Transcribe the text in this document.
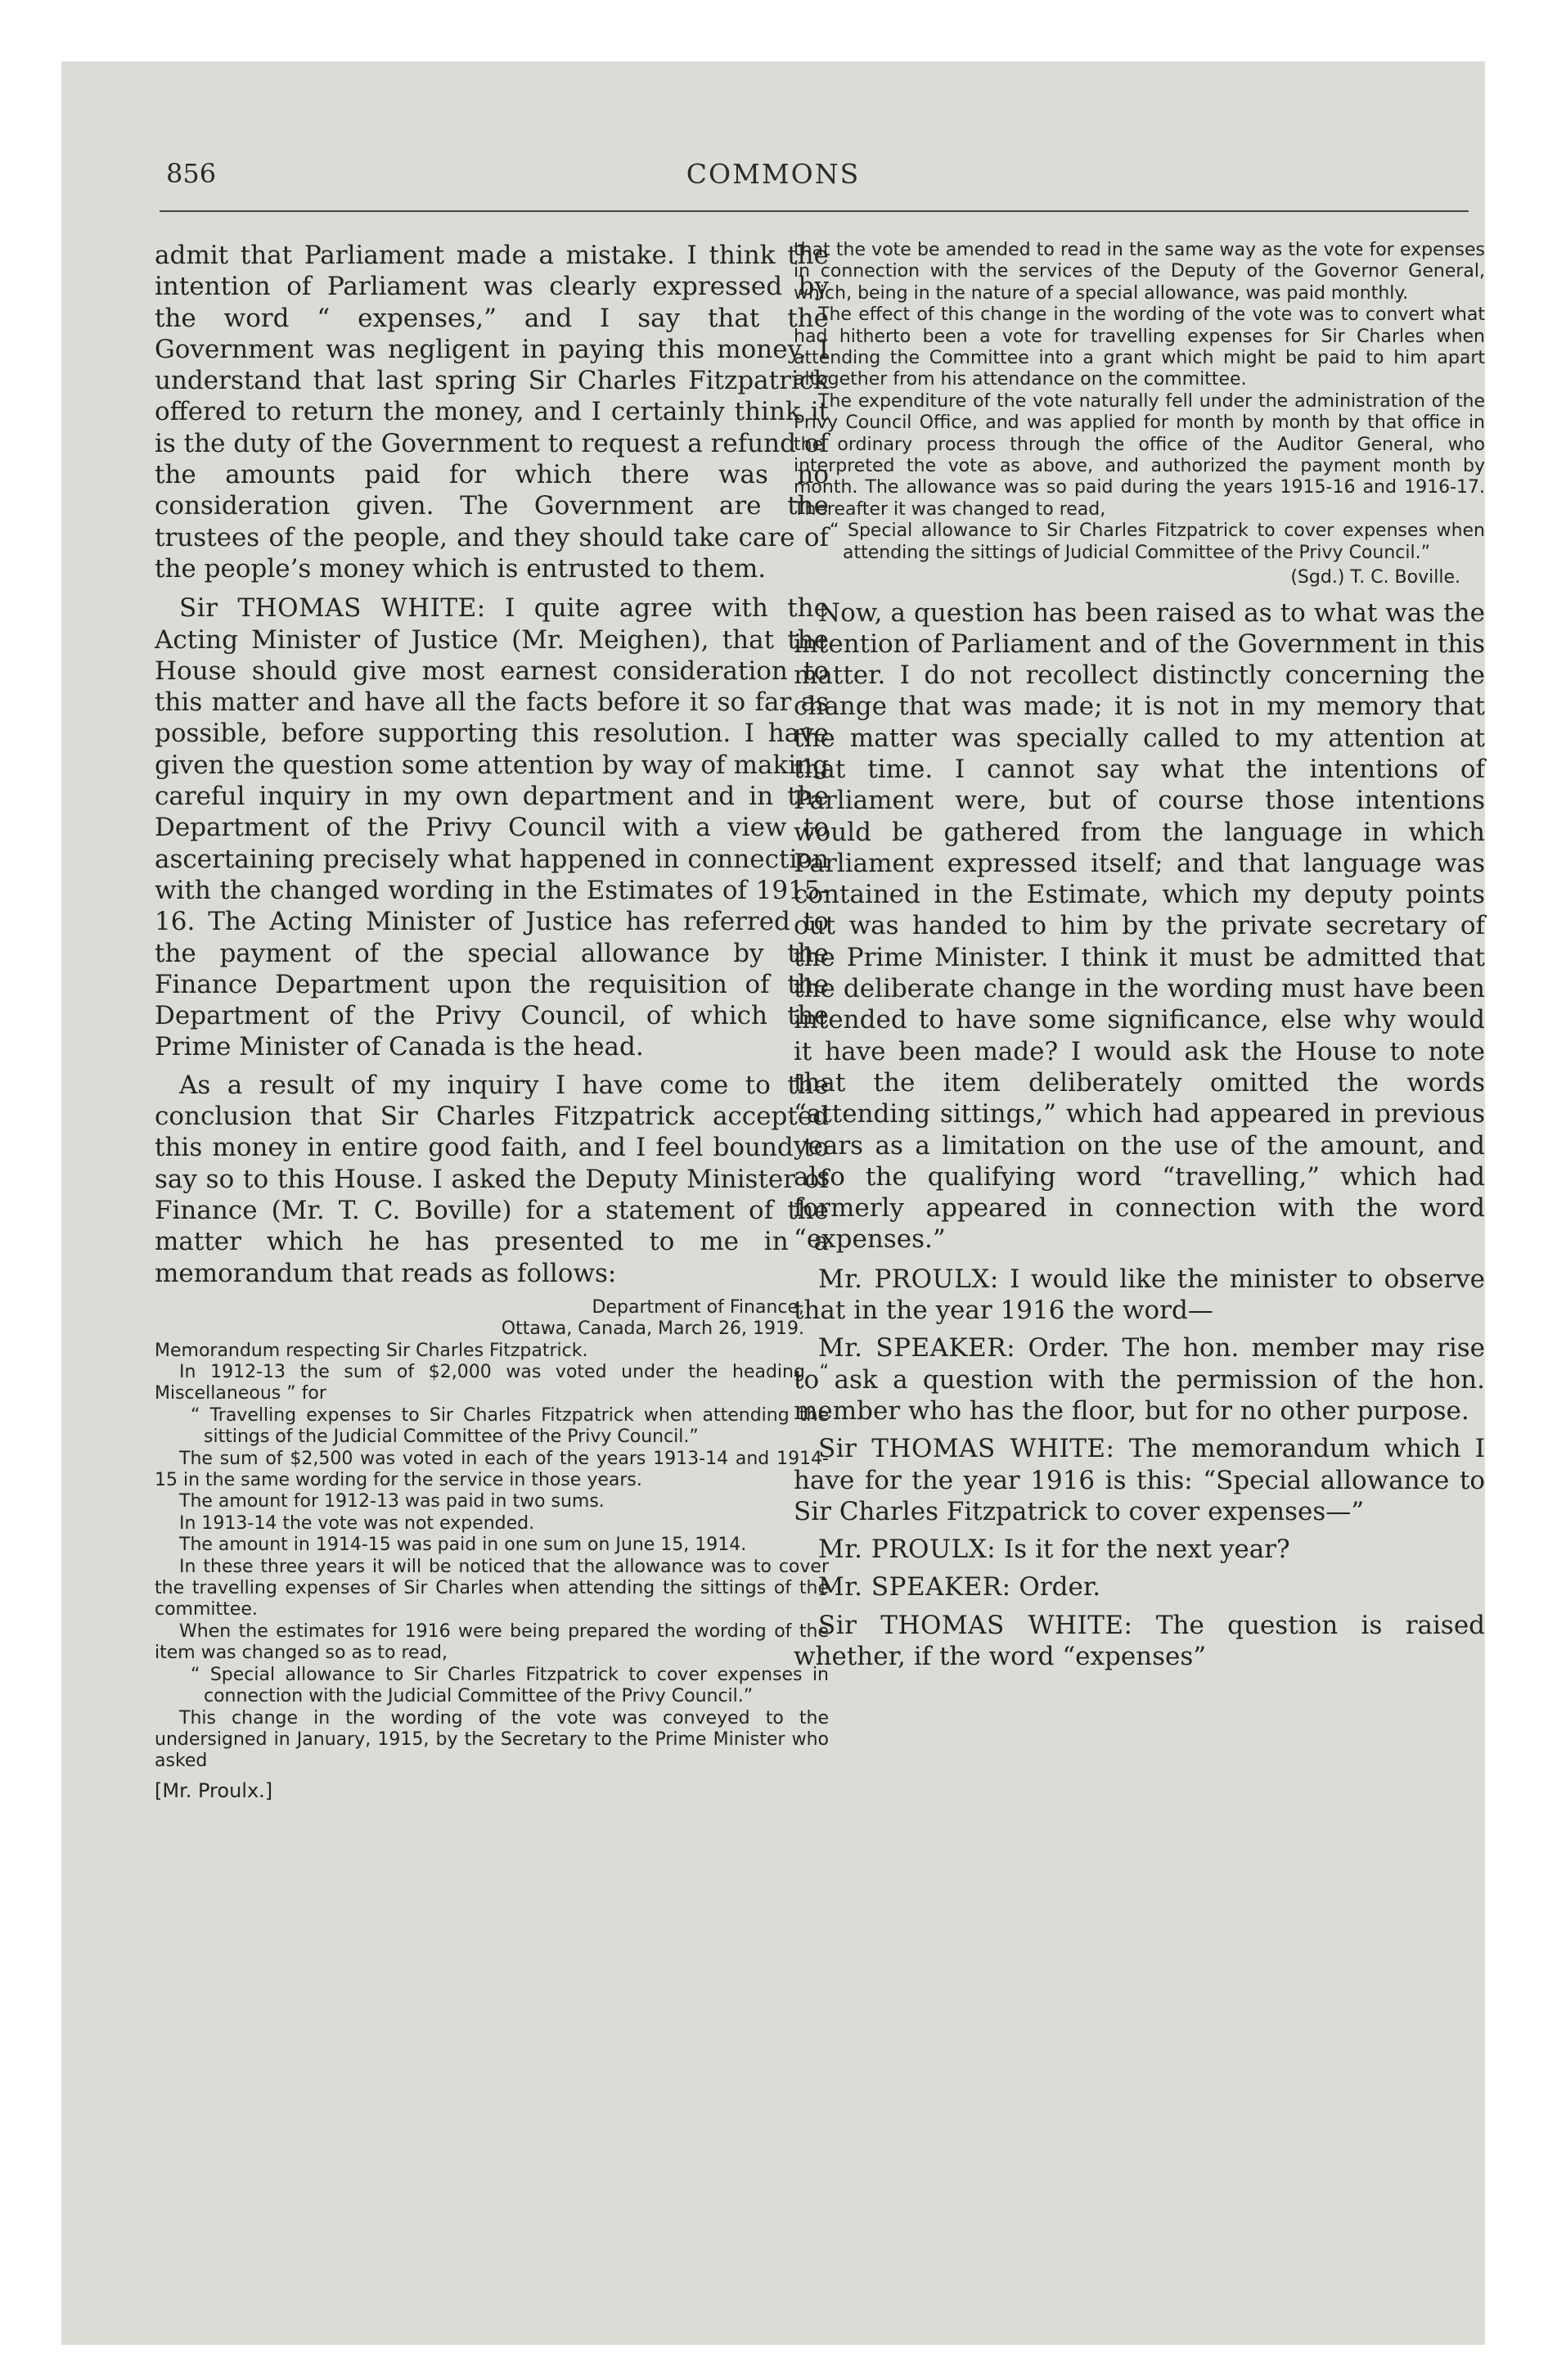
856	COMMONS

admit that Parliament made a mistake. I think the intention of Parliament was clearly expressed by the word “ expenses,” and I say that the Government was negligent in paying this money. I understand that last spring Sir Charles Fitzpatrick offered to return the money, and I certainly think it is the duty of the Government to request a refund of the amounts paid for which there was no consideration given. The Government are the trustees of the people, and they should take care of the people’s money which is entrusted to them.

Sir THOMAS WHITE: I quite agree with the Acting Minister of Justice (Mr. Meighen), that the House should give most earnest consideration to this matter and have all the facts before it so far as possible, before supporting this resolution. I have given the question some attention by way of making careful inquiry in my own department and in the Department of the Privy Council with a view to ascertaining precisely what happened in connection with the changed wording in the Estimates of 1915-16. The Acting Minister of Justice has referred to the payment of the special allowance by the Finance Department upon the requisition of the Department of the Privy Council, of which the Prime Minister of Canada is the head.

As a result of my inquiry I have come to the conclusion that Sir Charles Fitzpatrick accepted this money in entire good faith, and I feel bound to say so to this House. I asked the Deputy Minister of Finance (Mr. T. C. Boville) for a statement of the matter which he has presented to me in a memorandum that reads as follows:

Department of Finance,

Ottawa, Canada, March 26, 1919.

Memorandum respecting Sir Charles Fitzpatrick.

In 1912-13 the sum of $2,000 was voted under the heading “ Miscellaneous ” for

“ Travelling expenses to Sir Charles Fitzpatrick when attending the sittings of the Judicial Committee of the Privy Council.”

The sum of $2,500 was voted in each of the years 1913-14 and 1914-15 in the same wording for the service in those years.

The amount for 1912-13 was paid in two sums.

In 1913-14 the vote was not expended.

The amount in 1914-15 was paid in one sum on June 15, 1914.

In these three years it will be noticed that the allowance was to cover the travelling expenses of Sir Charles when attending the sittings of the committee.

When the estimates for 1916 were being prepared the wording of the item was changed so as to read,

“ Special allowance to Sir Charles Fitzpatrick to cover expenses in connection with the Judicial Committee of the Privy Council.”

This change in the wording of the vote was conveyed to the undersigned in January, 1915, by the Secretary to the Prime Minister who asked

[Mr. Proulx.]

that the vote be amended to read in the same way as the vote for expenses in connection with the services of the Deputy of the Governor General, which, being in the nature of a special allowance, was paid monthly.

The effect of this change in the wording of the vote was to convert what had hitherto been a vote for travelling expenses for Sir Charles when attending the Committee into a grant which might be paid to him apart altogether from his attendance on the committee.

The expenditure of the vote naturally fell under the administration of the Privy Council Office, and was applied for month by month by that office in the ordinary process through the office of the Auditor General, who interpreted the vote as above, and authorized the payment month by month. The allowance was so paid during the years 1915-16 and 1916-17. Thereafter it was changed to read,

“ Special allowance to Sir Charles Fitzpatrick to cover expenses when attending the sittings of Judicial Committee of the Privy Council.”

(Sgd.) T. C. Boville.

Now, a question has been raised as to what was the intention of Parliament and of the Government in this matter. I do not recollect distinctly concerning the change that was made; it is not in my memory that the matter was specially called to my attention at that time. I cannot say what the intentions of Parliament were, but of course those intentions would be gathered from the language in which Parliament expressed itself; and that language was contained in the Estimate, which my deputy points out was handed to him by the private secretary of the Prime Minister. I think it must be admitted that the deliberate change in the wording must have been intended to have some significance, else why would it have been made? I would ask the House to note that the item deliberately omitted the words “attending sittings,” which had appeared in previous years as a limitation on the use of the amount, and also the qualifying word “travelling,” which had formerly appeared in connection with the word “expenses.”

Mr. PROULX: I would like the minister to observe that in the year 1916 the word—

Mr. SPEAKER: Order. The hon. member may rise to ask a question with the permission of the hon. member who has the floor, but for no other purpose.

Sir THOMAS WHITE: The memorandum which I have for the year 1916 is this: “Special allowance to Sir Charles Fitzpatrick to cover expenses—”

Mr. PROULX: Is it for the next year?

Mr. SPEAKER: Order.

Sir THOMAS WHITE: The question is raised whether, if the word “expenses”
